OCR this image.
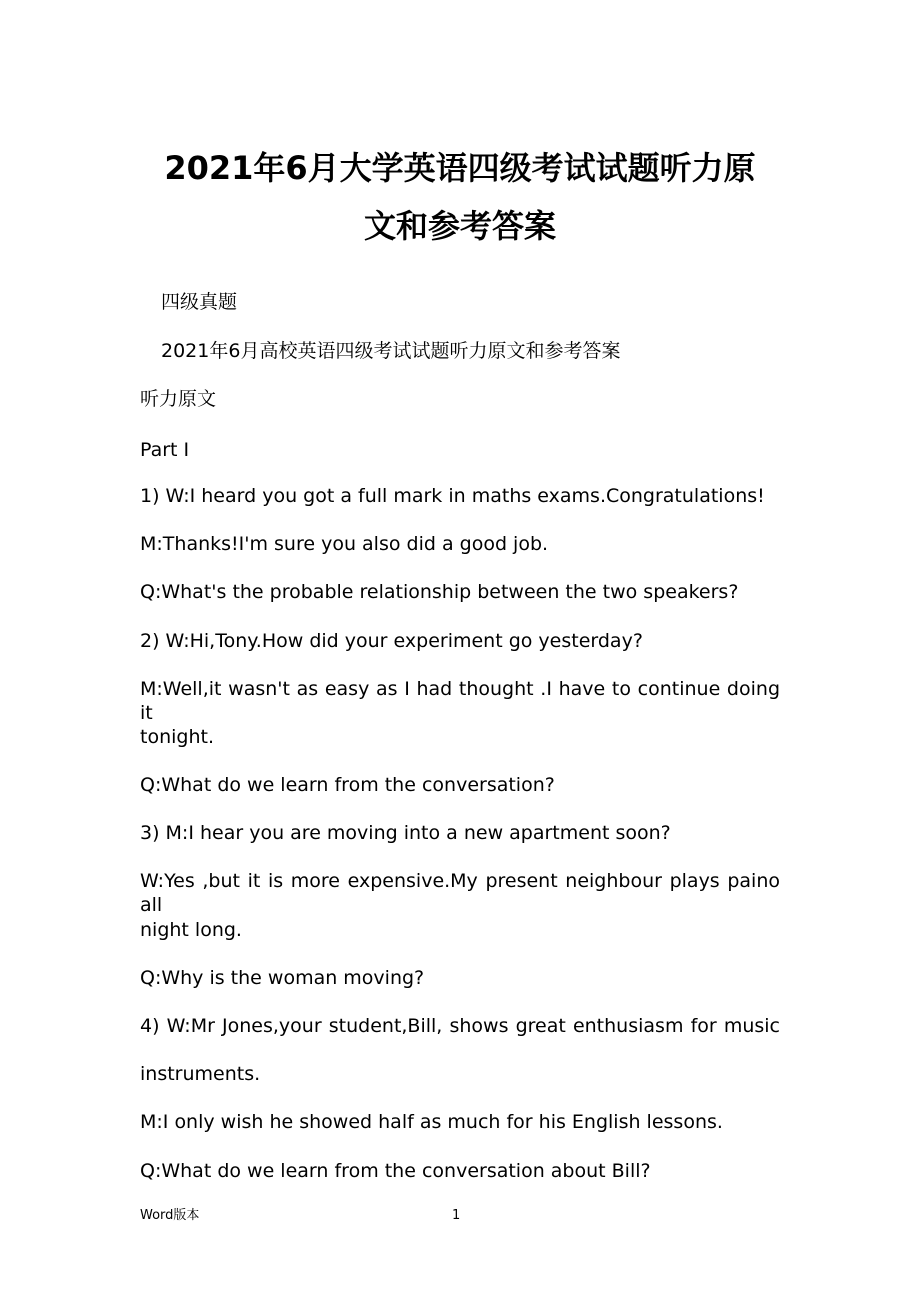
2021年6月大学英语四级考试试题听力原
文和参考答案

四级真题

2021年6月高校英语四级考试试题听力原文和参考答案

听力原文

Part Ⅰ

1) W:I heard you got a full mark in maths exams.Congratulations!

M:Thanks!I'm sure you also did a good job.

Q:What's the probable relationship between the two speakers?

2) W:Hi,Tony.How did your experiment go yesterday?

M:Well,it wasn't as easy as I had thought .I have to continue doing it

tonight.

Q:What do we learn from the conversation?

3) M:I hear you are moving into a new apartment soon?

W:Yes ,but it is more expensive.My present neighbour plays paino all

night long.

Q:Why is the woman moving?

4) W:Mr Jones,your student,Bill, shows great enthusiasm for music

instruments.

M:I only wish he showed half as much for his English lessons.

Q:What do we learn from the conversation about Bill?

Word版本	1
